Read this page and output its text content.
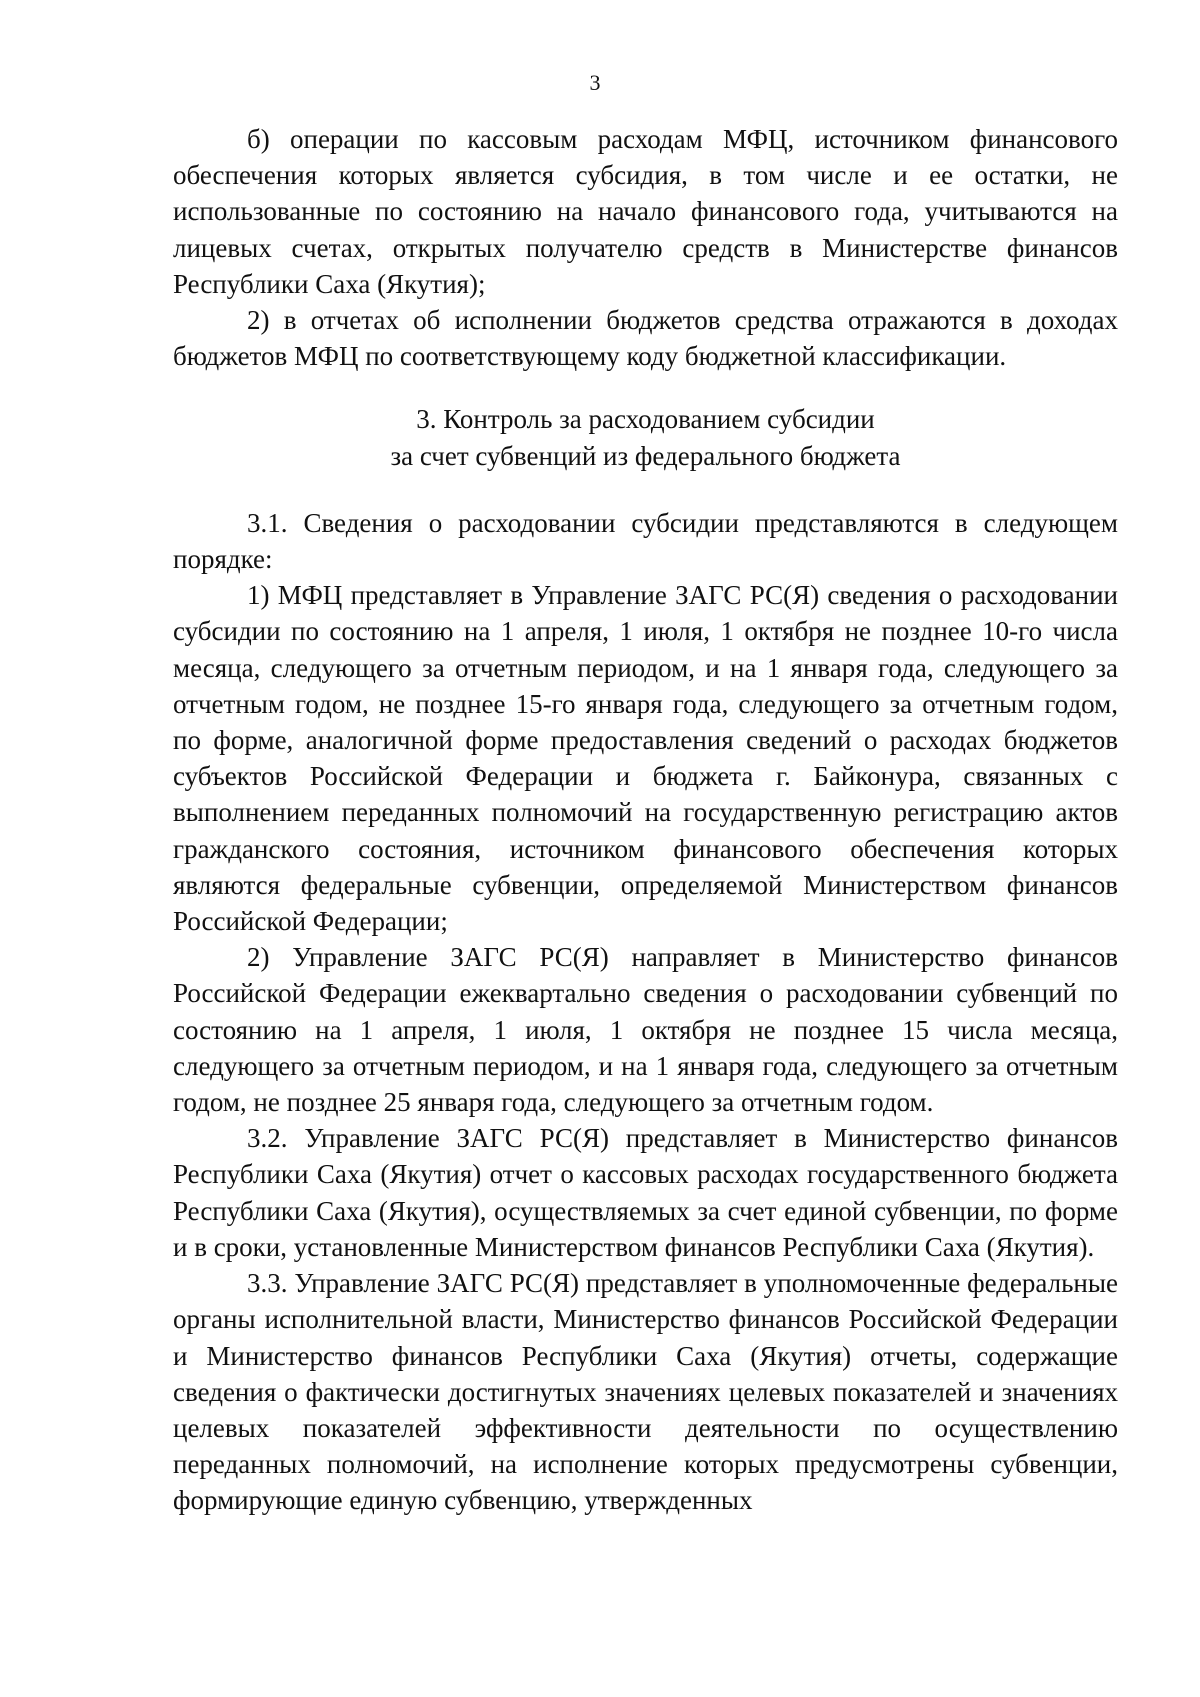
3

б) операции по кассовым расходам МФЦ, источником финансового обеспечения которых является субсидия, в том числе и ее остатки, не использованные по состоянию на начало финансового года, учитываются на лицевых счетах, открытых получателю средств в Министерстве финансов Республики Саха (Якутия);

2) в отчетах об исполнении бюджетов средства отражаются в доходах бюджетов МФЦ по соответствующему коду бюджетной классификации.

3. Контроль за расходованием субсидии

за счет субвенций из федерального бюджета

3.1. Сведения о расходовании субсидии представляются в следующем порядке:

1) МФЦ представляет в Управление ЗАГС РС(Я) сведения о расходовании субсидии по состоянию на 1 апреля, 1 июля, 1 октября не позднее 10-го числа месяца, следующего за отчетным периодом, и на 1 января года, следующего за отчетным годом, не позднее 15-го января года, следующего за отчетным годом, по форме, аналогичной форме предоставления сведений о расходах бюджетов субъектов Российской Федерации и бюджета г. Байконура, связанных с выполнением переданных полномочий на государственную регистрацию актов гражданского состояния, источником финансового обеспечения которых являются федеральные субвенции, определяемой Министерством финансов Российской Федерации;

2) Управление ЗАГС РС(Я) направляет в Министерство финансов Российской Федерации ежеквартально сведения о расходовании субвенций по состоянию на 1 апреля, 1 июля, 1 октября не позднее 15 числа месяца, следующего за отчетным периодом, и на 1 января года, следующего за отчетным годом, не позднее 25 января года, следующего за отчетным годом.

3.2. Управление ЗАГС РС(Я) представляет в Министерство финансов Республики Саха (Якутия) отчет о кассовых расходах государственного бюджета Республики Саха (Якутия), осуществляемых за счет единой субвенции, по форме и в сроки, установленные Министерством финансов Республики Саха (Якутия).

3.3. Управление ЗАГС РС(Я) представляет в уполномоченные федеральные органы исполнительной власти, Министерство финансов Российской Федерации и Министерство финансов Республики Саха (Якутия) отчеты, содержащие сведения о фактически достигнутых значениях целевых показателей и значениях целевых показателей эффективности деятельности по осуществлению переданных полномочий, на исполнение которых предусмотрены субвенции, формирующие единую субвенцию, утвержденных
